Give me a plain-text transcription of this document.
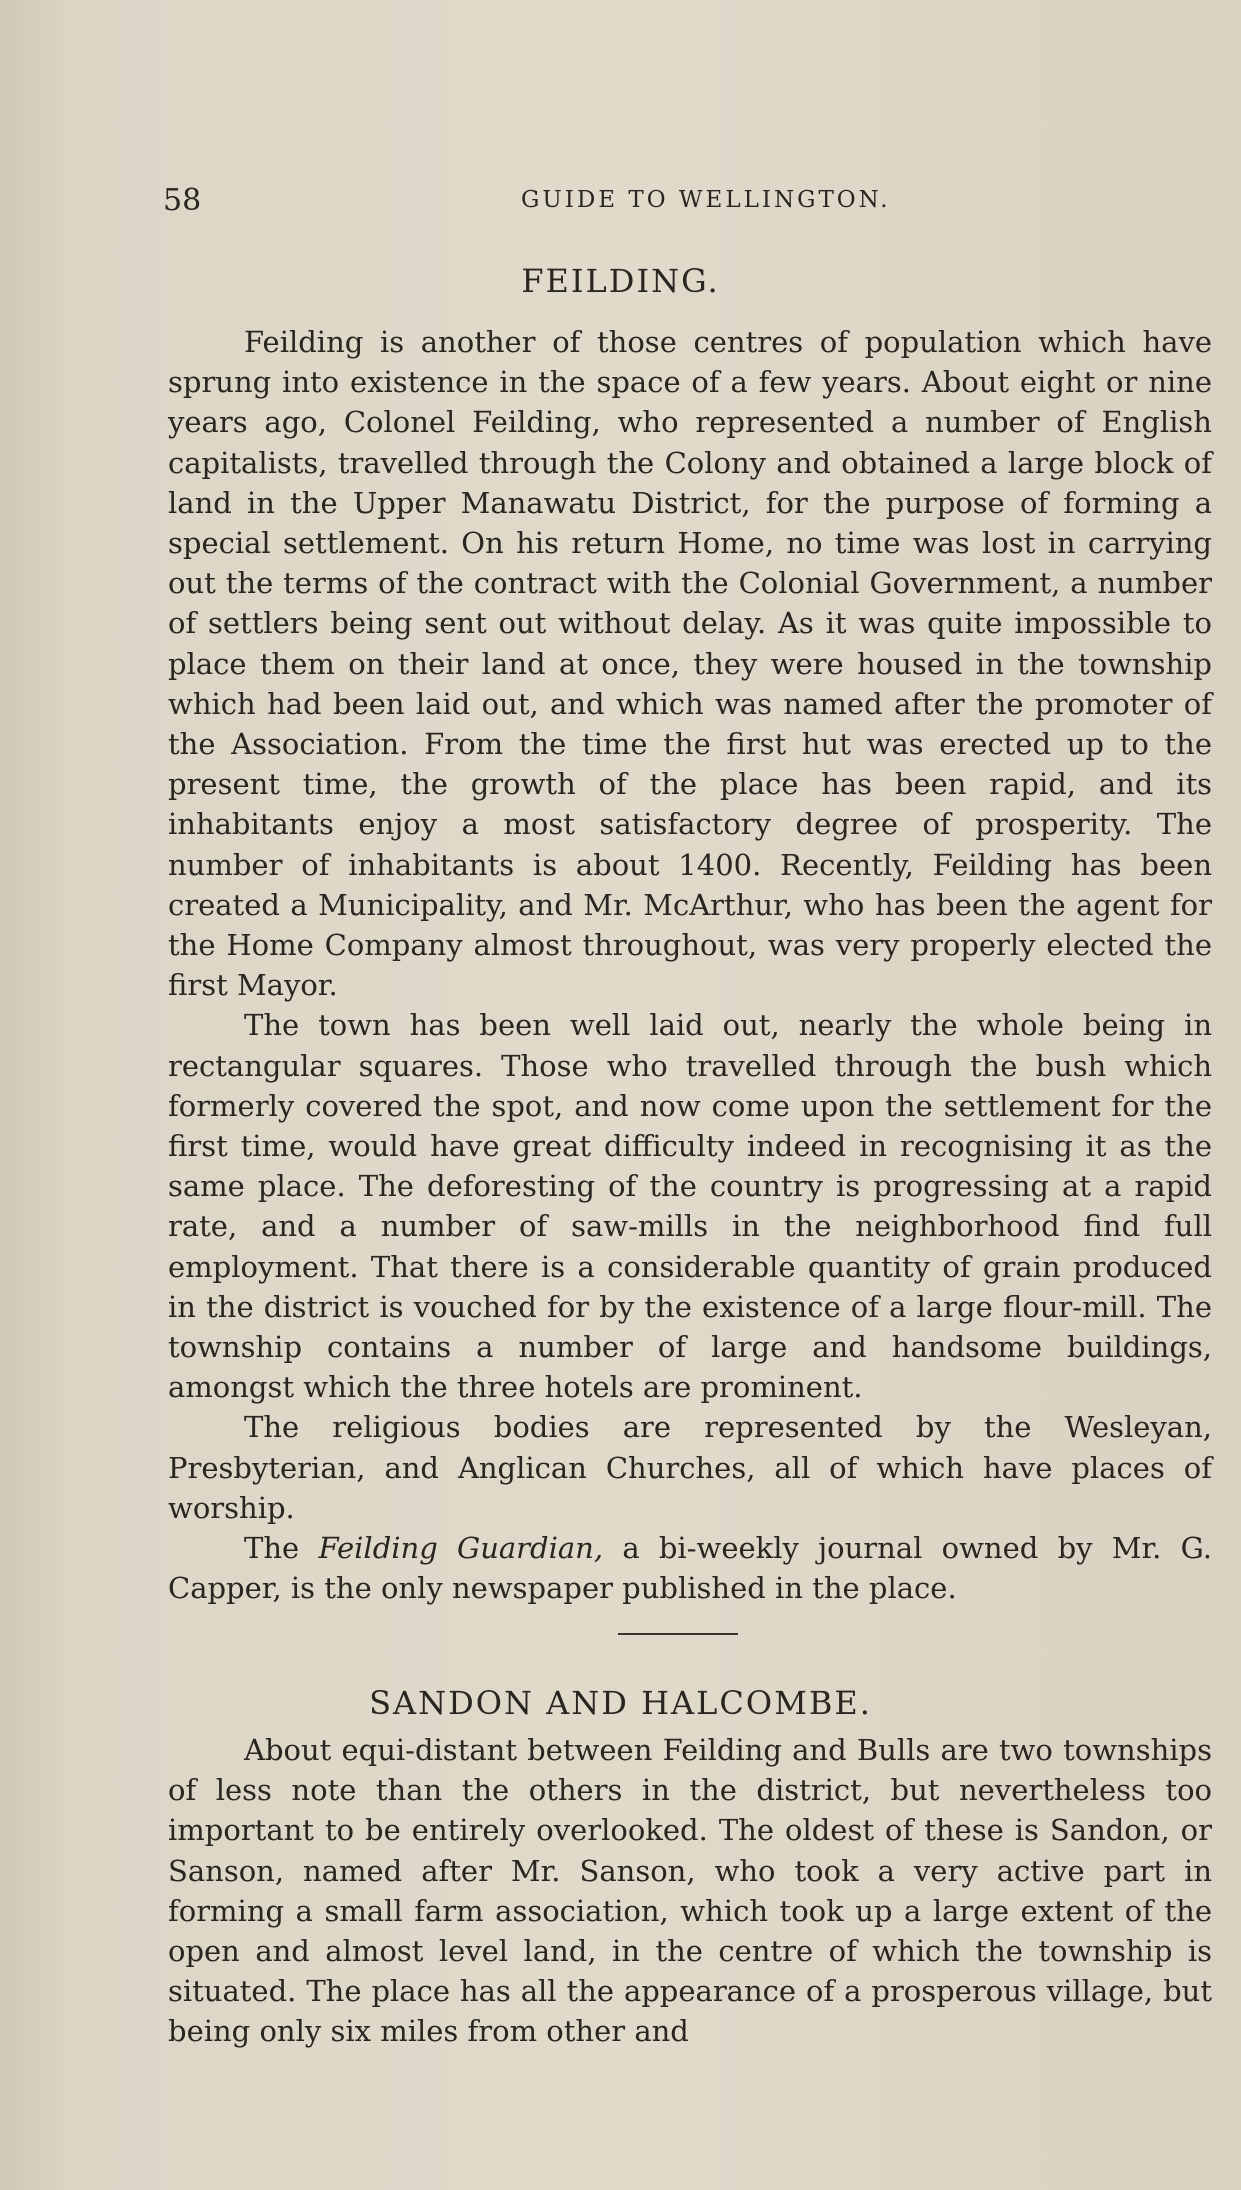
58	GUIDE TO WELLINGTON.
FEILDING.

Feilding is another of those centres of population which have sprung into existence in the space of a few years. About eight or nine years ago, Colonel Feilding, who represented a number of English capitalists, travelled through the Colony and obtained a large block of land in the Upper Manawatu District, for the purpose of forming a special settlement. On his return Home, no time was lost in carrying out the terms of the contract with the Colonial Government, a number of settlers being sent out without delay. As it was quite impossible to place them on their land at once, they were housed in the township which had been laid out, and which was named after the promoter of the Association. From the time the first hut was erected up to the present time, the growth of the place has been rapid, and its inhabitants enjoy a most satisfactory degree of prosperity. The number of inhabitants is about 1400. Recently, Feilding has been created a Municipality, and Mr. McArthur, who has been the agent for the Home Company almost throughout, was very properly elected the first Mayor.

The town has been well laid out, nearly the whole being in rectangular squares. Those who travelled through the bush which formerly covered the spot, and now come upon the settlement for the first time, would have great difficulty indeed in recognising it as the same place. The deforesting of the country is progressing at a rapid rate, and a number of saw-mills in the neighborhood find full employment. That there is a considerable quantity of grain produced in the district is vouched for by the existence of a large flour-mill. The township contains a number of large and handsome buildings, amongst which the three hotels are prominent.

The religious bodies are represented by the Wesleyan, Presbyterian, and Anglican Churches, all of which have places of worship.

The Feilding Guardian, a bi-weekly journal owned by Mr. G. Capper, is the only newspaper published in the place.

SANDON AND HALCOMBE.

About equi-distant between Feilding and Bulls are two townships of less note than the others in the district, but nevertheless too important to be entirely overlooked. The oldest of these is Sandon, or Sanson, named after Mr. Sanson, who took a very active part in forming a small farm association, which took up a large extent of the open and almost level land, in the centre of which the township is situated. The place has all the appearance of a prosperous village, but being only six miles from other and
